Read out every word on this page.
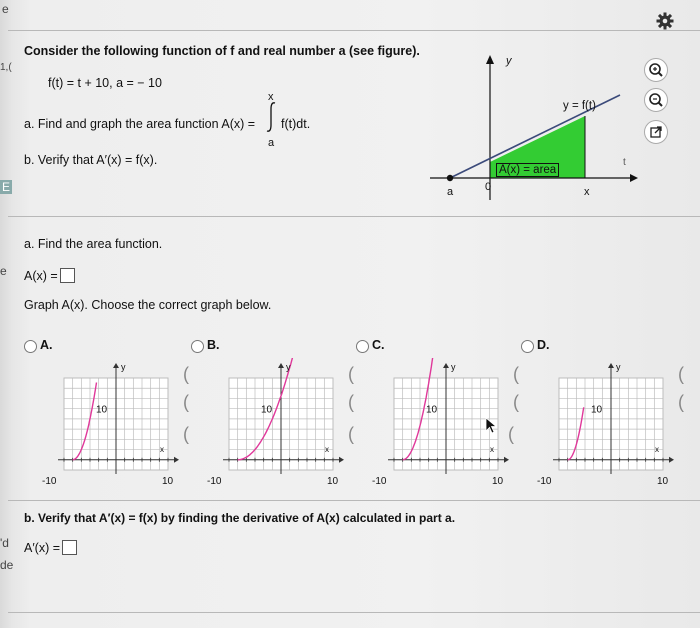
e
1,(
E
e
'd
de
Consider the following function of f and real number a (see figure).
f(t) = t + 10, a = − 10
a. Find and graph the area function A(x) =
x
a
f(t)dt.
b. Verify that A′(x) = f(x).
y
y = f(t)
A(x) = area
t
a	0	x
a. Find the area function.
A(x) =
Graph A(x). Choose the correct graph below.
A.	B.	C.	D.
10
-10	10
x
y
10
-10	10
x
y
10
-10	10
x
y
10
-10	10
x
y
(
(
(
(
(
(
(
(
(
(
(
b. Verify that A′(x) = f(x) by finding the derivative of A(x) calculated in part a.
A′(x) =
